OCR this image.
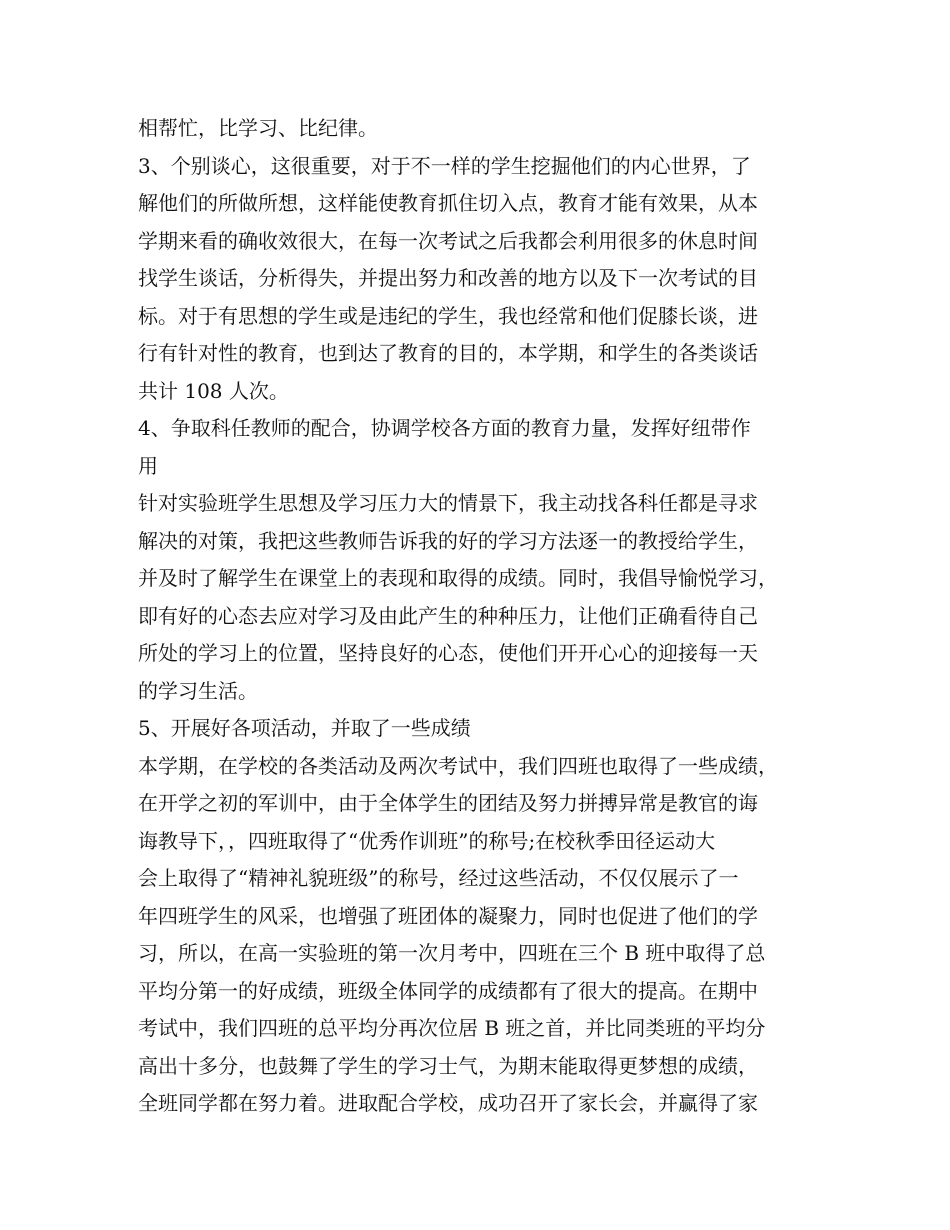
相帮忙，比学习、比纪律。
3、个别谈心，这很重要，对于不一样的学生挖掘他们的内心世界，了
解他们的所做所想，这样能使教育抓住切入点，教育才能有效果，从本
学期来看的确收效很大，在每一次考试之后我都会利用很多的休息时间
找学生谈话，分析得失，并提出努力和改善的地方以及下一次考试的目
标。对于有思想的学生或是违纪的学生，我也经常和他们促膝长谈，进
行有针对性的教育，也到达了教育的目的，本学期，和学生的各类谈话
共计 108 人次。
4、争取科任教师的配合，协调学校各方面的教育力量，发挥好纽带作
用
针对实验班学生思想及学习压力大的情景下，我主动找各科任都是寻求
解决的对策，我把这些教师告诉我的好的学习方法逐一的教授给学生，
并及时了解学生在课堂上的表现和取得的成绩。同时，我倡导愉悦学习，
即有好的心态去应对学习及由此产生的种种压力，让他们正确看待自己
所处的学习上的位置，坚持良好的心态，使他们开开心心的迎接每一天
的学习生活。
5、开展好各项活动，并取了一些成绩
本学期，在学校的各类活动及两次考试中，我们四班也取得了一些成绩，
在开学之初的军训中，由于全体学生的团结及努力拼搏异常是教官的诲
诲教导下，，四班取得了“优秀作训班”的称号;在校秋季田径运动大
会上取得了“精神礼貌班级”的称号，经过这些活动，不仅仅展示了一
年四班学生的风采，也增强了班团体的凝聚力，同时也促进了他们的学
习，所以，在高一实验班的第一次月考中，四班在三个 B 班中取得了总
平均分第一的好成绩，班级全体同学的成绩都有了很大的提高。在期中
考试中，我们四班的总平均分再次位居 B 班之首，并比同类班的平均分
高出十多分，也鼓舞了学生的学习士气，为期末能取得更梦想的成绩，
全班同学都在努力着。进取配合学校，成功召开了家长会，并赢得了家
